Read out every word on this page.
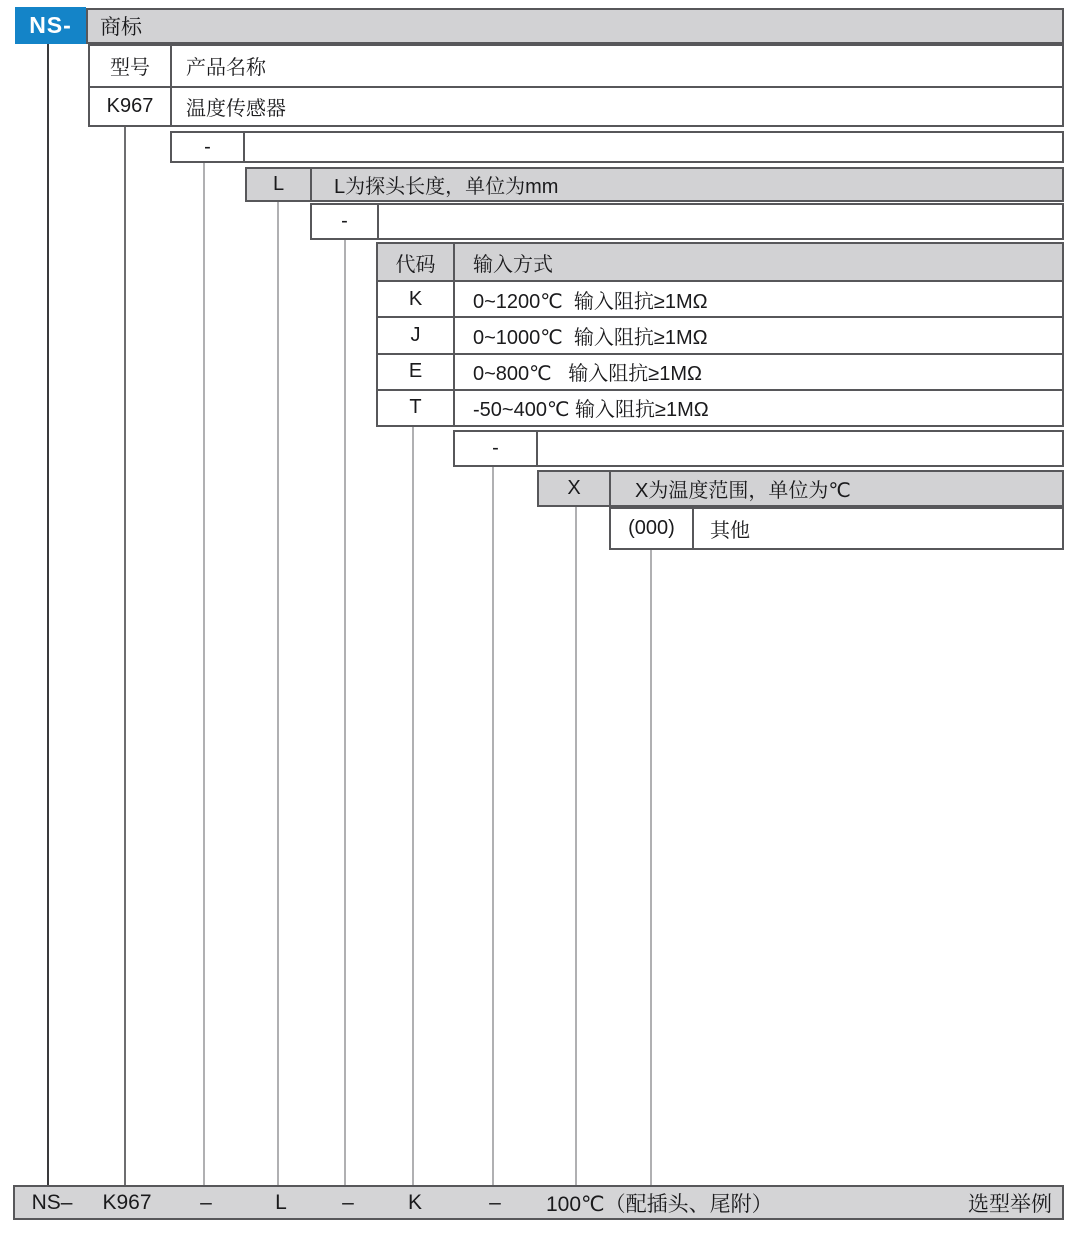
商标
NS-
型号	产品名称
K967	温度传感器
-
L	L为探头长度，单位为mm
-
代码	输入方式
K	0~1200℃  输入阻抗≥1MΩ
J	0~1000℃  输入阻抗≥1MΩ
E	0~800℃   输入阻抗≥1MΩ
T	-50~400℃ 输入阻抗≥1MΩ
-
X	X为温度范围，单位为℃
(000)	其他
NS– K967 –	L	–	K	– 100℃（配插头、尾附）	选型举例
